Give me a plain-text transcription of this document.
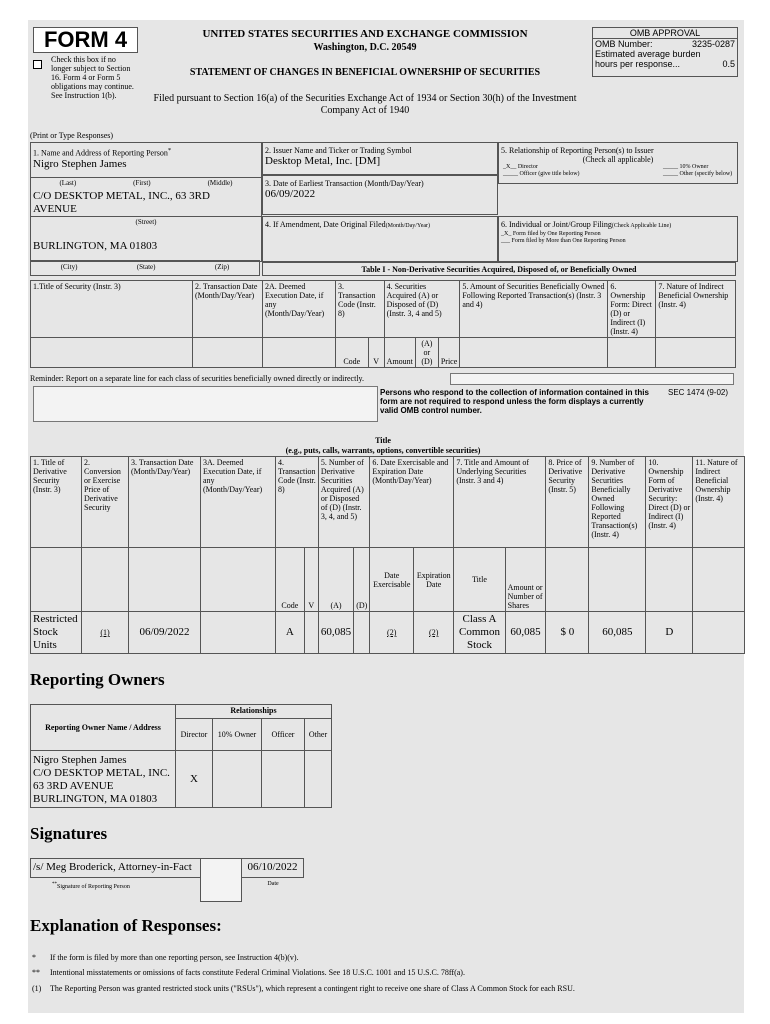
FORM 4
Check this box if no longer subject to Section 16. Form 4 or Form 5 obligations may continue. See Instruction 1(b).
UNITED STATES SECURITIES AND EXCHANGE COMMISSION
Washington, D.C. 20549
STATEMENT OF CHANGES IN BENEFICIAL OWNERSHIP OF SECURITIES
Filed pursuant to Section 16(a) of the Securities Exchange Act of 1934 or Section 30(h) of the Investment Company Act of 1940
OMB APPROVAL
OMB Number:	3235-0287
Estimated average burden
hours per response...	0.5
(Print or Type Responses)
1. Name and Address of Reporting Person*
Nigro Stephen James
(Last)	(First)	(Middle)
C/O DESKTOP METAL, INC., 63 3RD AVENUE
(Street)
BURLINGTON, MA 01803
(City)	(State)	(Zip)
2. Issuer Name and Ticker or Trading Symbol
Desktop Metal, Inc. [DM]
3. Date of Earliest Transaction (Month/Day/Year)
06/09/2022
4. If Amendment, Date Original Filed(Month/Day/Year)
5. Relationship of Reporting Person(s) to Issuer
(Check all applicable)
_X__ Director	_____ 10% Owner
_____ Officer (give title below)	_____ Other (specify below)
6. Individual or Joint/Group Filing(Check Applicable Line)
_X_ Form filed by One Reporting Person
___ Form filed by More than One Reporting Person
Table I - Non-Derivative Securities Acquired, Disposed of, or Beneficially Owned
1.Title of Security (Instr. 3)	2. Transaction Date (Month/Day/Year)	2A. Deemed Execution Date, if any (Month/Day/Year)	3. Transaction Code (Instr. 8)		4. Securities Acquired (A) or Disposed of (D) (Instr. 3, 4 and 5)			5. Amount of Securities Beneficially Owned Following Reported Transaction(s) (Instr. 3 and 4)	6. Ownership Form: Direct (D) or Indirect (I) (Instr. 4)	7. Nature of Indirect Beneficial Ownership (Instr. 4)
			Code	V	Amount	(A) or (D)	Price			
Reminder: Report on a separate line for each class of securities beneficially owned directly or indirectly.
Persons who respond to the collection of information contained in this form are not required to respond unless the form displays a currently valid OMB control number.
SEC 1474 (9-02)
Title
(e.g., puts, calls, warrants, options, convertible securities)
1. Title of Derivative Security (Instr. 3)	2. Conversion or Exercise Price of Derivative Security	3. Transaction Date (Month/Day/Year)	3A. Deemed Execution Date, if any (Month/Day/Year)	4. Transaction Code (Instr. 8)		5. Number of Derivative Securities Acquired (A) or Disposed of (D) (Instr. 3, 4, and 5)		6. Date Exercisable and Expiration Date (Month/Day/Year)		7. Title and Amount of Underlying Securities (Instr. 3 and 4)		8. Price of Derivative Security (Instr. 5)	9. Number of Derivative Securities Beneficially Owned Following Reported Transaction(s) (Instr. 4)	10. Ownership Form of Derivative Security: Direct (D) or Indirect (I) (Instr. 4)	11. Nature of Indirect Beneficial Ownership (Instr. 4)
				Code	V	(A)	(D)	Date Exercisable	Expiration Date	Title	Amount or Number of Shares				
Restricted Stock Units	(1)	06/09/2022		A		60,085		(2)	(2)	Class A Common Stock	60,085	$ 0	60,085	D	
Reporting Owners
Reporting Owner Name / Address	Relationships			
	Director	10% Owner	Officer	Other

Nigro Stephen James
C/O DESKTOP METAL, INC.
63 3RD AVENUE
BURLINGTON, MA 01803	X			
Signatures
/s/ Meg Broderick, Attorney-in-Fact
**Signature of Reporting Person
06/10/2022
Date
Explanation of Responses:
*	If the form is filed by more than one reporting person, see Instruction 4(b)(v).
**	Intentional misstatements or omissions of facts constitute Federal Criminal Violations. See 18 U.S.C. 1001 and 15 U.S.C. 78ff(a).
(1)	The Reporting Person was granted restricted stock units ("RSUs"), which represent a contingent right to receive one share of Class A Common Stock for each RSU.
